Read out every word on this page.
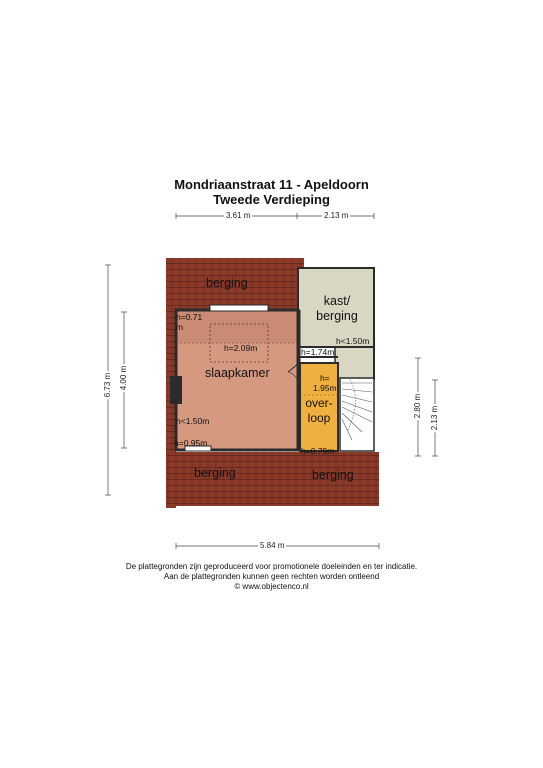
Mondriaanstraat 11 - Apeldoorn
Tweede Verdieping
3.61 m	2.13 m
5.84 m
6.73 m 4.00 m
2.80 m 2.13 m
berging
kast/
berging
slaapkamer
over-
loop
berging	berging
h=0.71
m
h=2.09m
h<1.50m
h=1.74m
h=
1.95m
h<1.50m
h=0.95m
h=0.79m
De plattegronden zijn geproduceerd voor promotionele doeleinden en ter indicatie.
Aan de plattegronden kunnen geen rechten worden ontleend
© www.objectenco.nl
